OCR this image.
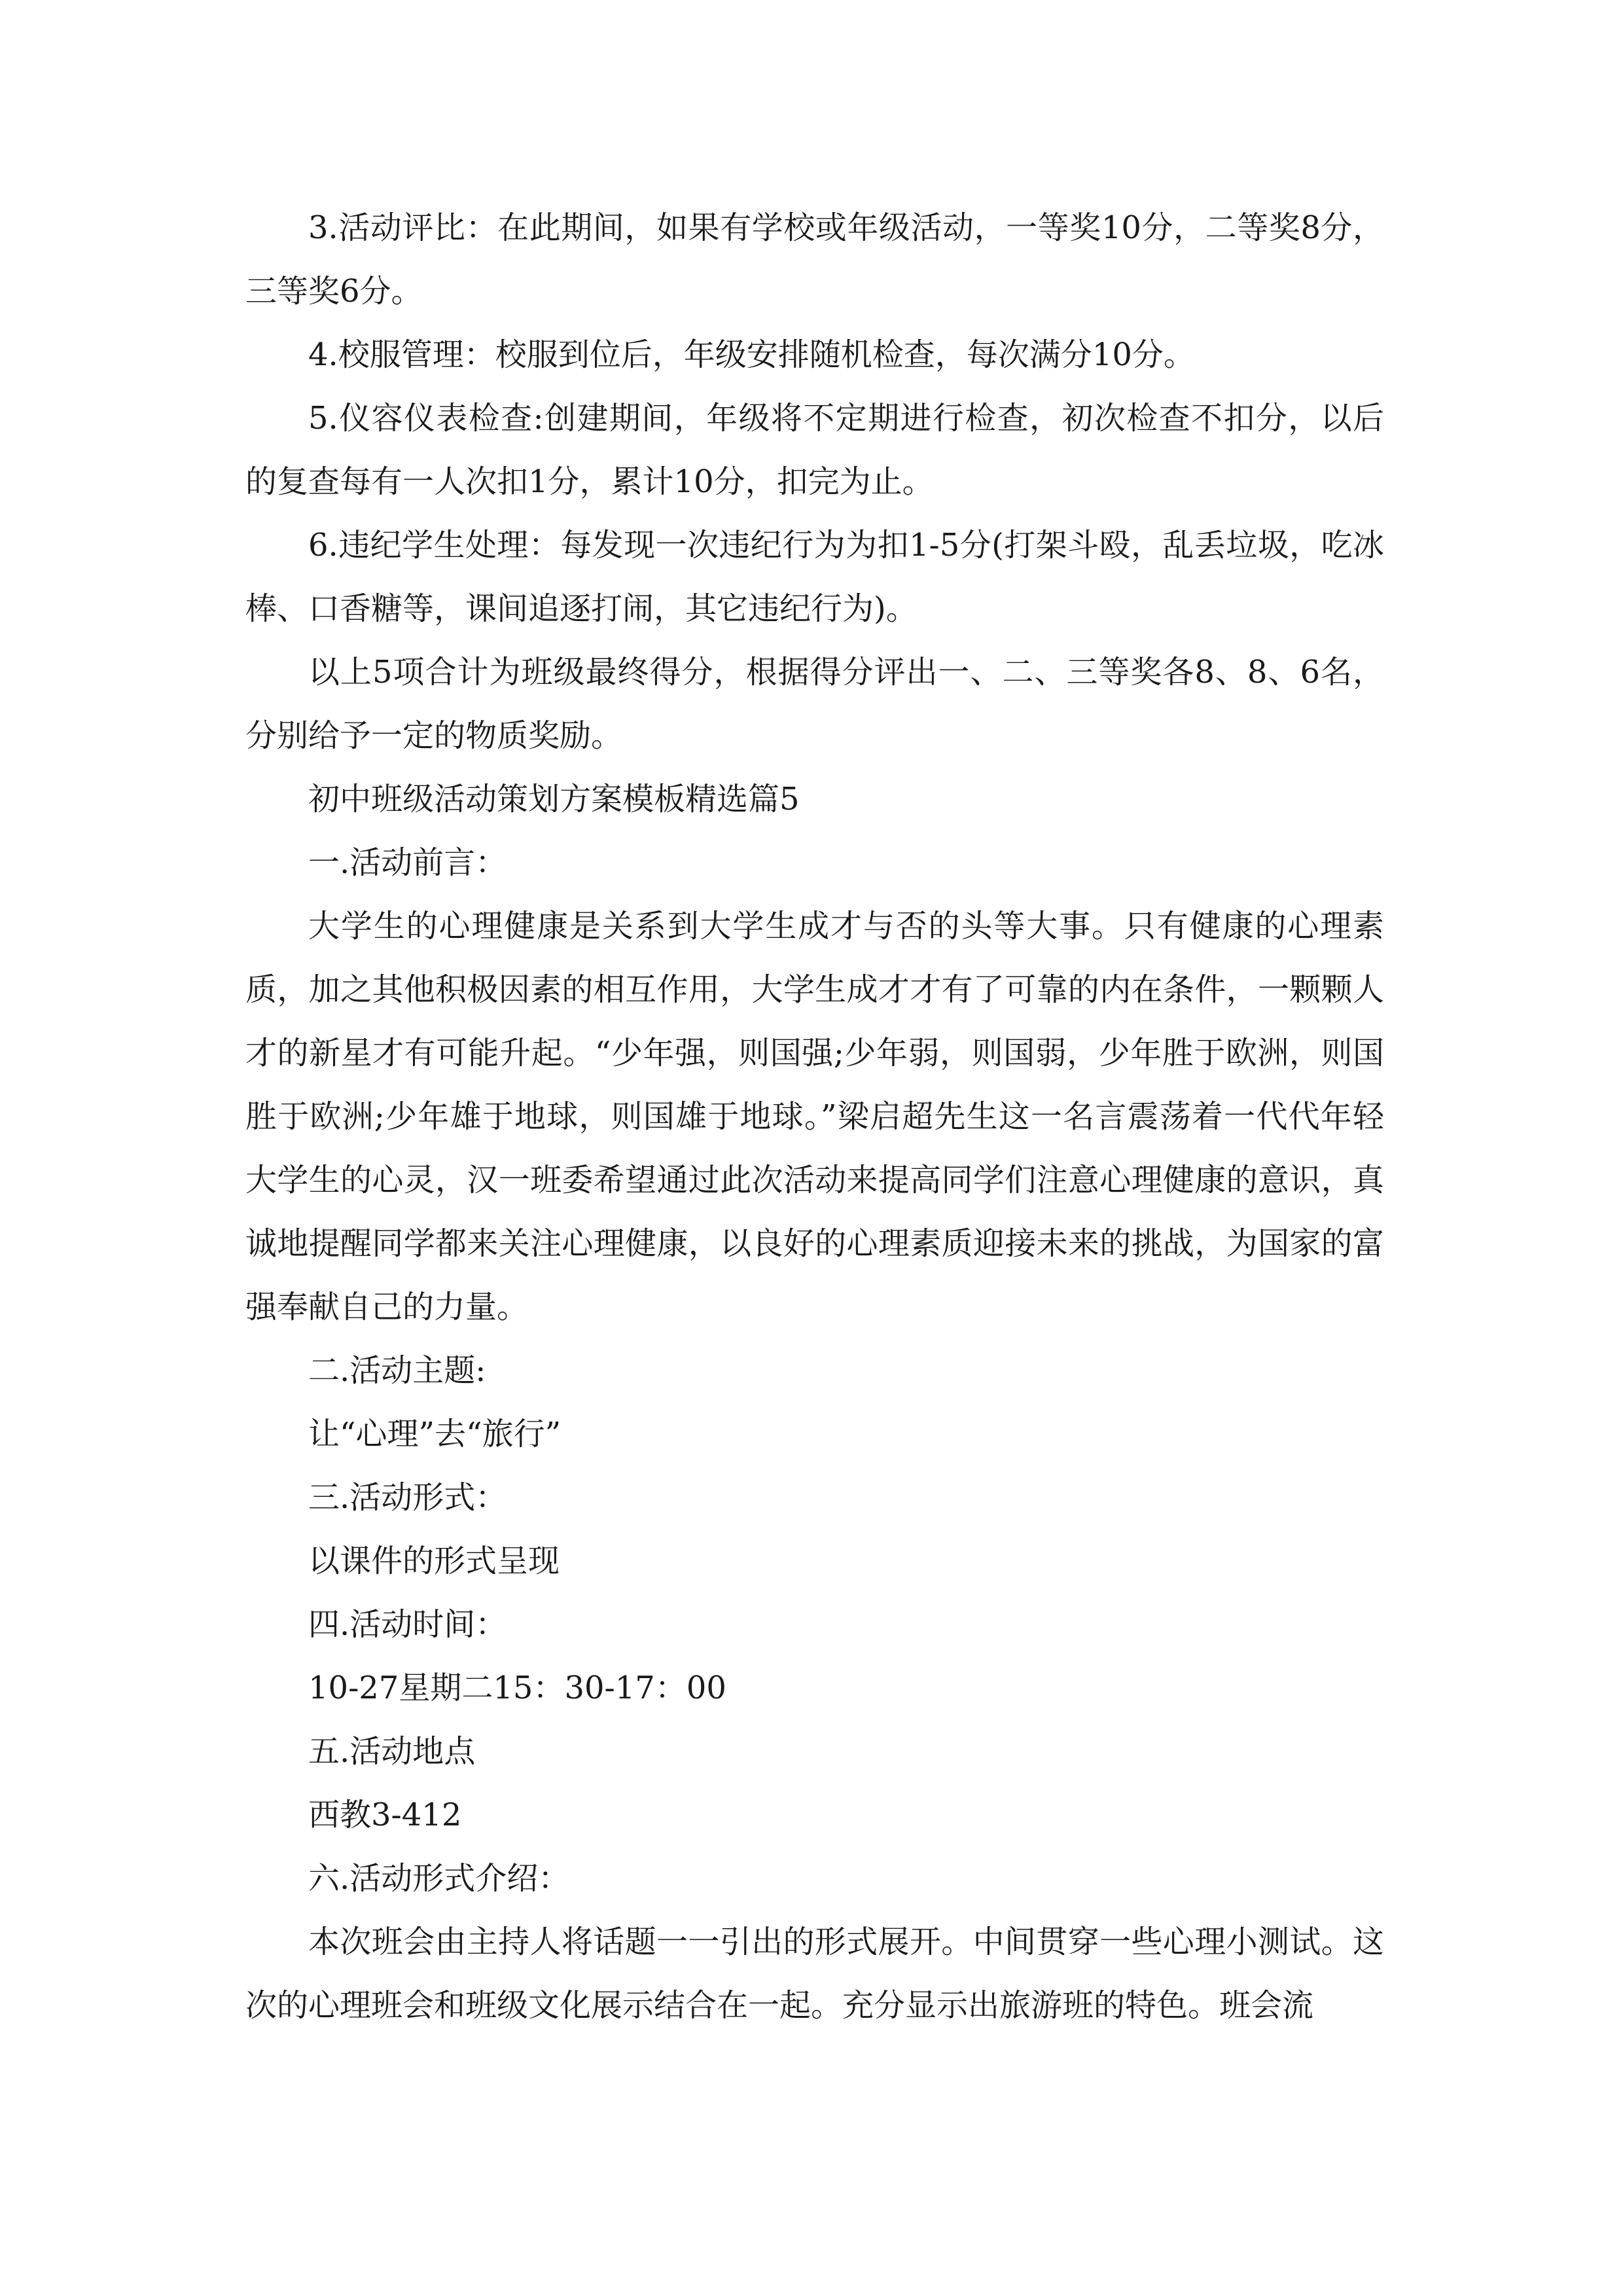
3.活动评比：在此期间，如果有学校或年级活动，一等奖10分，二等奖8分，三等奖6分。

4.校服管理：校服到位后，年级安排随机检查，每次满分10分。

5.仪容仪表检查:创建期间，年级将不定期进行检查，初次检查不扣分，以后的复查每有一人次扣1分，累计10分，扣完为止。

6.违纪学生处理：每发现一次违纪行为为扣1-5分(打架斗殴，乱丢垃圾，吃冰棒、口香糖等，课间追逐打闹，其它违纪行为)。

以上5项合计为班级最终得分，根据得分评出一、二、三等奖各8、8、6名，分别给予一定的物质奖励。

初中班级活动策划方案模板精选篇5

一.活动前言：

大学生的心理健康是关系到大学生成才与否的头等大事。只有健康的心理素质，加之其他积极因素的相互作用，大学生成才才有了可靠的内在条件，一颗颗人才的新星才有可能升起。“少年强，则国强;少年弱，则国弱，少年胜于欧洲，则国胜于欧洲;少年雄于地球，则国雄于地球。”梁启超先生这一名言震荡着一代代年轻大学生的心灵，汉一班委希望通过此次活动来提高同学们注意心理健康的意识，真诚地提醒同学都来关注心理健康，以良好的心理素质迎接未来的挑战，为国家的富强奉献自己的力量。

二.活动主题:

让“心理”去“旅行”

三.活动形式：

以课件的形式呈现

四.活动时间：

10-27星期二15：30-17：00

五.活动地点

西教3-412

六.活动形式介绍：

本次班会由主持人将话题一一引出的形式展开。中间贯穿一些心理小测试。这次的心理班会和班级文化展示结合在一起。充分显示出旅游班的特色。班会流
